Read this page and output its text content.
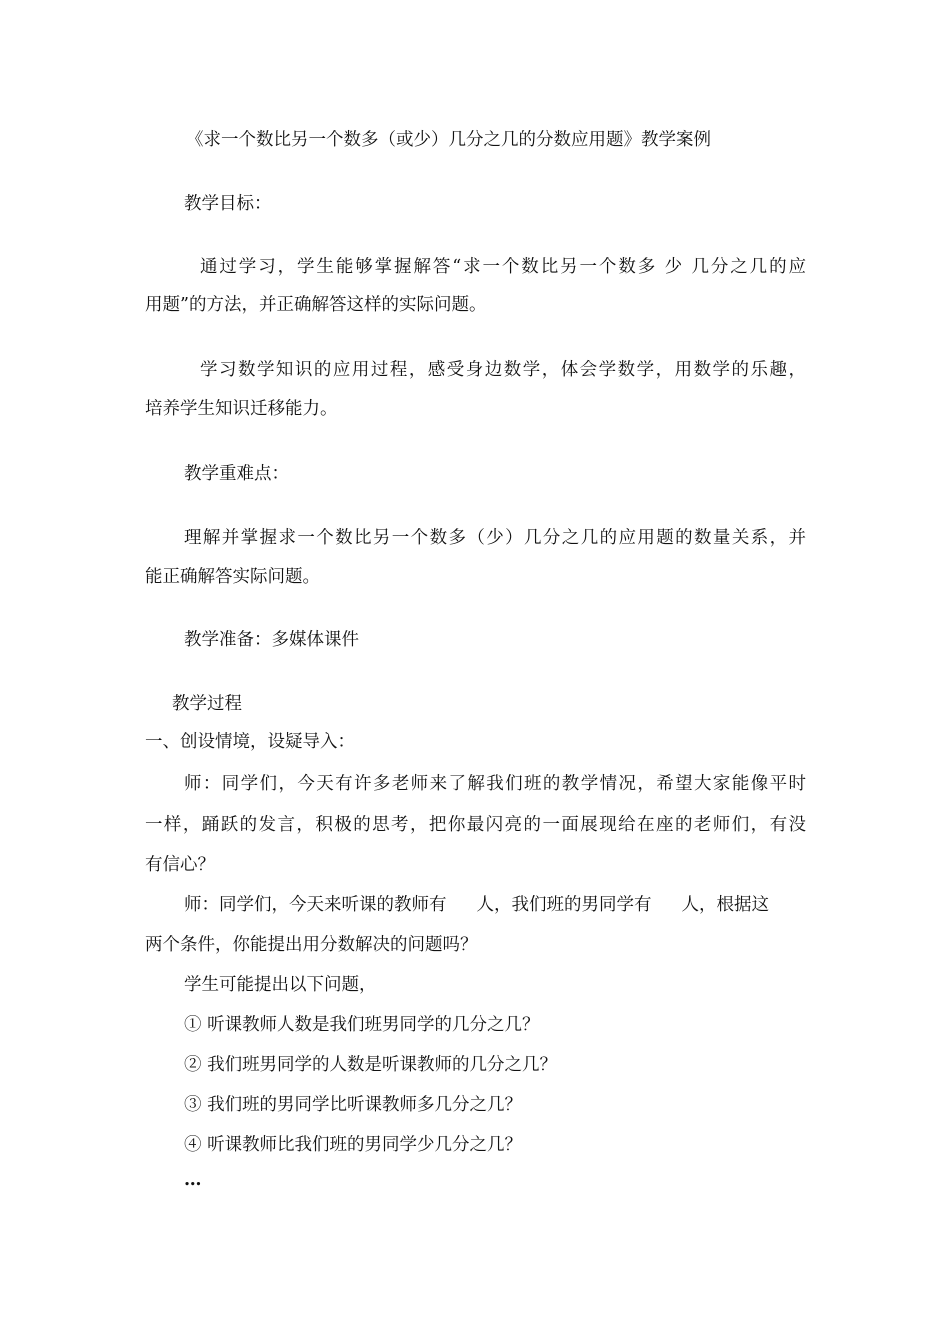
《求一个数比另一个数多（或少）几分之几的分数应用题》教学案例
教学目标：
通过学习，学生能够掌握解答“求一个数比另一个数多 少 几分之几的应
用题”的方法，并正确解答这样的实际问题。
学习数学知识的应用过程，感受身边数学，体会学数学，用数学的乐趣，
培养学生知识迁移能力。
教学重难点：
理解并掌握求一个数比另一个数多（少）几分之几的应用题的数量关系，并
能正确解答实际问题。
教学准备：多媒体课件
教学过程
一、创设情境，设疑导入：
师：同学们，今天有许多老师来了解我们班的教学情况，希望大家能像平时
一样，踊跃的发言，积极的思考，把你最闪亮的一面展现给在座的老师们，有没
有信心？
师：同学们，今天来听课的教师有 人，我们班的男同学有 人，根据这
两个条件，你能提出用分数解决的问题吗？
学生可能提出以下问题，
① 听课教师人数是我们班男同学的几分之几？
② 我们班男同学的人数是听课教师的几分之几？
③ 我们班的男同学比听课教师多几分之几？
④ 听课教师比我们班的男同学少几分之几？
…
